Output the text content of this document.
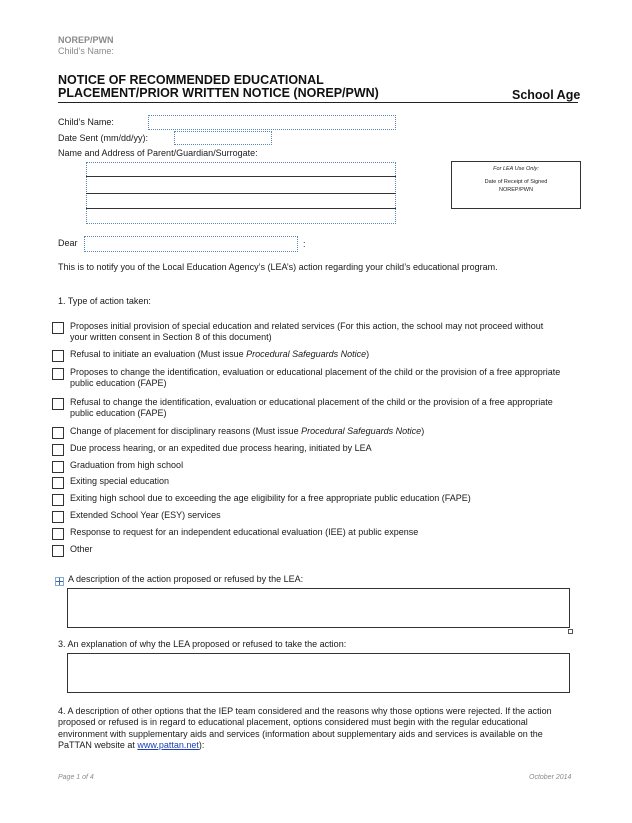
NOREP/PWN
Child’s Name:
NOTICE OF RECOMMENDED EDUCATIONAL
PLACEMENT/PRIOR WRITTEN NOTICE (NOREP/PWN)	School Age
Child’s Name:
Date Sent (mm/dd/yy):
Name and Address of Parent/Guardian/Surrogate:
For LEA Use Only:
Date of Receipt of Signed
NOREP/PWN
Dear	:
This is to notify you of the Local Education Agency’s (LEA’s) action regarding your child’s educational program.
1. Type of action taken:
Proposes initial provision of special education and related services (For this action, the school may not proceed without your written consent in Section 8 of this document)
Refusal to initiate an evaluation (Must issue Procedural Safeguards Notice)
Proposes to change the identification, evaluation or educational placement of the child or the provision of a free appropriate public education (FAPE)
Refusal to change the identification, evaluation or educational placement of the child or the provision of a free appropriate public education (FAPE)
Change of placement for disciplinary reasons (Must issue Procedural Safeguards Notice)
Due process hearing, or an expedited due process hearing, initiated by LEA
Graduation from high school
Exiting special education
Exiting high school due to exceeding the age eligibility for a free appropriate public education (FAPE)
Extended School Year (ESY) services
Response to request for an independent educational evaluation (IEE) at public expense
Other
A description of the action proposed or refused by the LEA:
3. An explanation of why the LEA proposed or refused to take the action:
4. A description of other options that the IEP team considered and the reasons why those options were rejected. If the action proposed or refused is in regard to educational placement, options considered must begin with the regular educational environment with supplementary aids and services (information about supplementary aids and services is available on the PaTTAN website at www.pattan.net):
Page 1 of 4	October 2014
